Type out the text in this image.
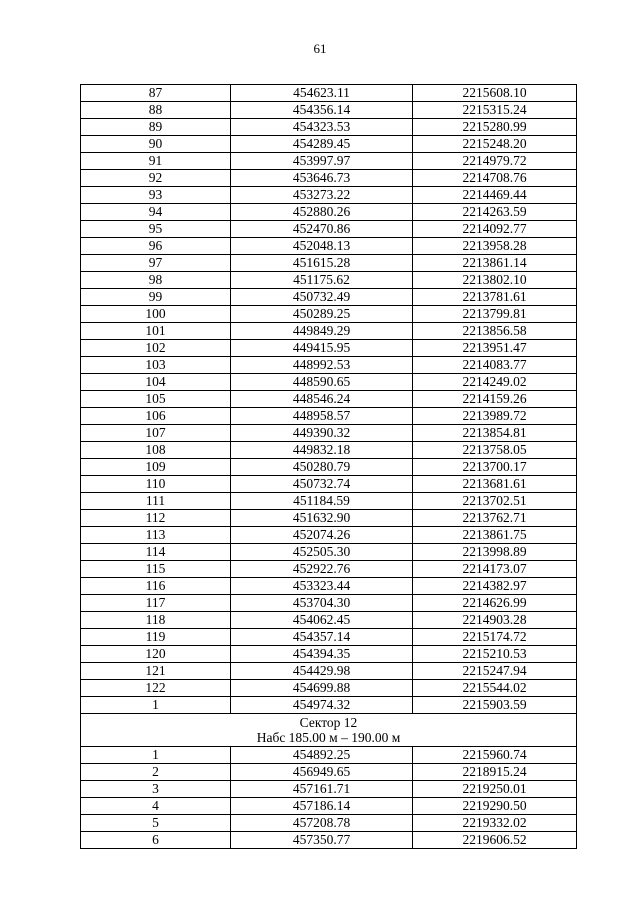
61
87	454623.11	2215608.10
88	454356.14	2215315.24
89	454323.53	2215280.99
90	454289.45	2215248.20
91	453997.97	2214979.72
92	453646.73	2214708.76
93	453273.22	2214469.44
94	452880.26	2214263.59
95	452470.86	2214092.77
96	452048.13	2213958.28
97	451615.28	2213861.14
98	451175.62	2213802.10
99	450732.49	2213781.61
100	450289.25	2213799.81
101	449849.29	2213856.58
102	449415.95	2213951.47
103	448992.53	2214083.77
104	448590.65	2214249.02
105	448546.24	2214159.26
106	448958.57	2213989.72
107	449390.32	2213854.81
108	449832.18	2213758.05
109	450280.79	2213700.17
110	450732.74	2213681.61
111	451184.59	2213702.51
112	451632.90	2213762.71
113	452074.26	2213861.75
114	452505.30	2213998.89
115	452922.76	2214173.07
116	453323.44	2214382.97
117	453704.30	2214626.99
118	454062.45	2214903.28
119	454357.14	2215174.72
120	454394.35	2215210.53
121	454429.98	2215247.94
122	454699.88	2215544.02
1	454974.32	2215903.59

Сектор 12
Набс 185.00 м – 190.00 м		

1	454892.25	2215960.74
2	456949.65	2218915.24
3	457161.71	2219250.01
4	457186.14	2219290.50
5	457208.78	2219332.02
6	457350.77	2219606.52
